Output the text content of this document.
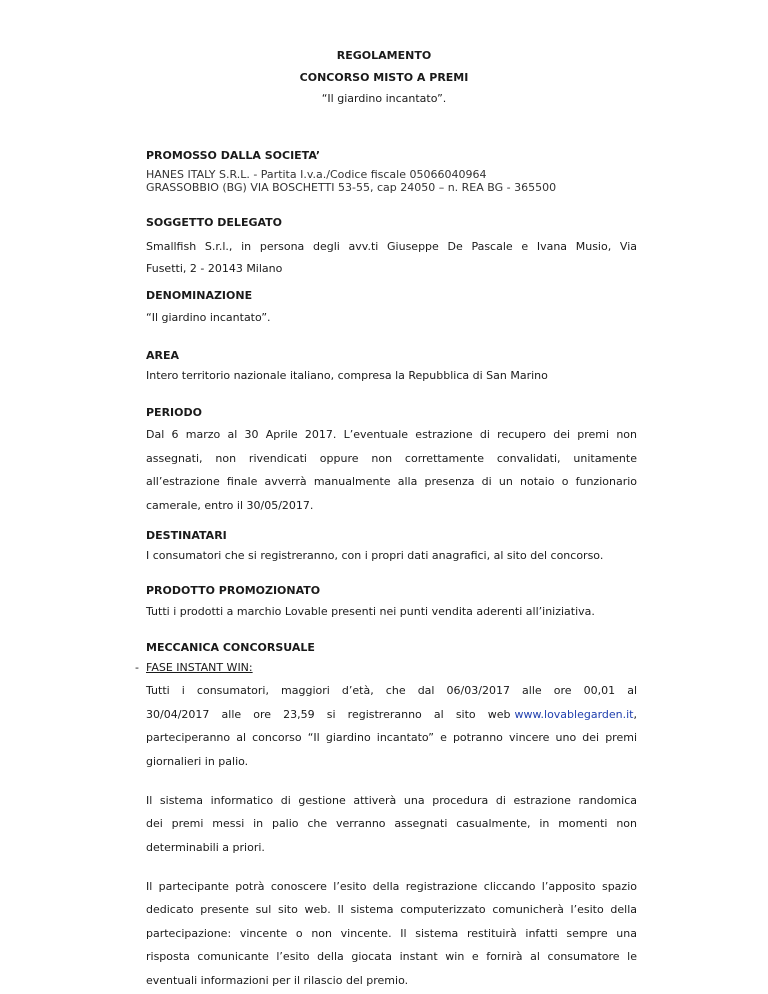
REGOLAMENTO
CONCORSO MISTO A PREMI
“Il giardino incantato”.
PROMOSSO DALLA SOCIETA’
HANES ITALY S.R.L. - Partita I.v.a./Codice fiscale 05066040964
GRASSOBBIO (BG) VIA BOSCHETTI 53-55, cap 24050 – n. REA BG - 365500
SOGGETTO DELEGATO
Smallfish S.r.l., in persona degli avv.ti Giuseppe De Pascale e Ivana Musio, Via
Fusetti, 2 - 20143 Milano
DENOMINAZIONE
“Il giardino incantato”.
AREA
Intero territorio nazionale italiano, compresa la Repubblica di San Marino
PERIODO
Dal 6 marzo al 30 Aprile 2017. L’eventuale estrazione di recupero dei premi non
assegnati, non rivendicati oppure non correttamente convalidati, unitamente
all’estrazione finale avverrà manualmente alla presenza di un notaio o funzionario
camerale, entro il 30/05/2017.
DESTINATARI
I consumatori che si registreranno, con i propri dati anagrafici, al sito del concorso.
PRODOTTO PROMOZIONATO
Tutti i prodotti a marchio Lovable presenti nei punti vendita aderenti all’iniziativa.
MECCANICA CONCORSUALE
- FASE INSTANT WIN:
Tutti i consumatori, maggiori d’età, che dal 06/03/2017 alle ore 00,01 al
30/04/2017 alle ore 23,59 si registreranno al sito web www.lovablegarden.it,
parteciperanno al concorso “Il giardino incantato” e potranno vincere uno dei premi
giornalieri in palio.
Il sistema informatico di gestione attiverà una procedura di estrazione randomica
dei premi messi in palio che verranno assegnati casualmente, in momenti non
determinabili a priori.
Il partecipante potrà conoscere l’esito della registrazione cliccando l’apposito spazio
dedicato presente sul sito web. Il sistema computerizzato comunicherà l’esito della
partecipazione: vincente o non vincente. Il sistema restituirà infatti sempre una
risposta comunicante l’esito della giocata instant win e fornirà al consumatore le
eventuali informazioni per il rilascio del premio.
